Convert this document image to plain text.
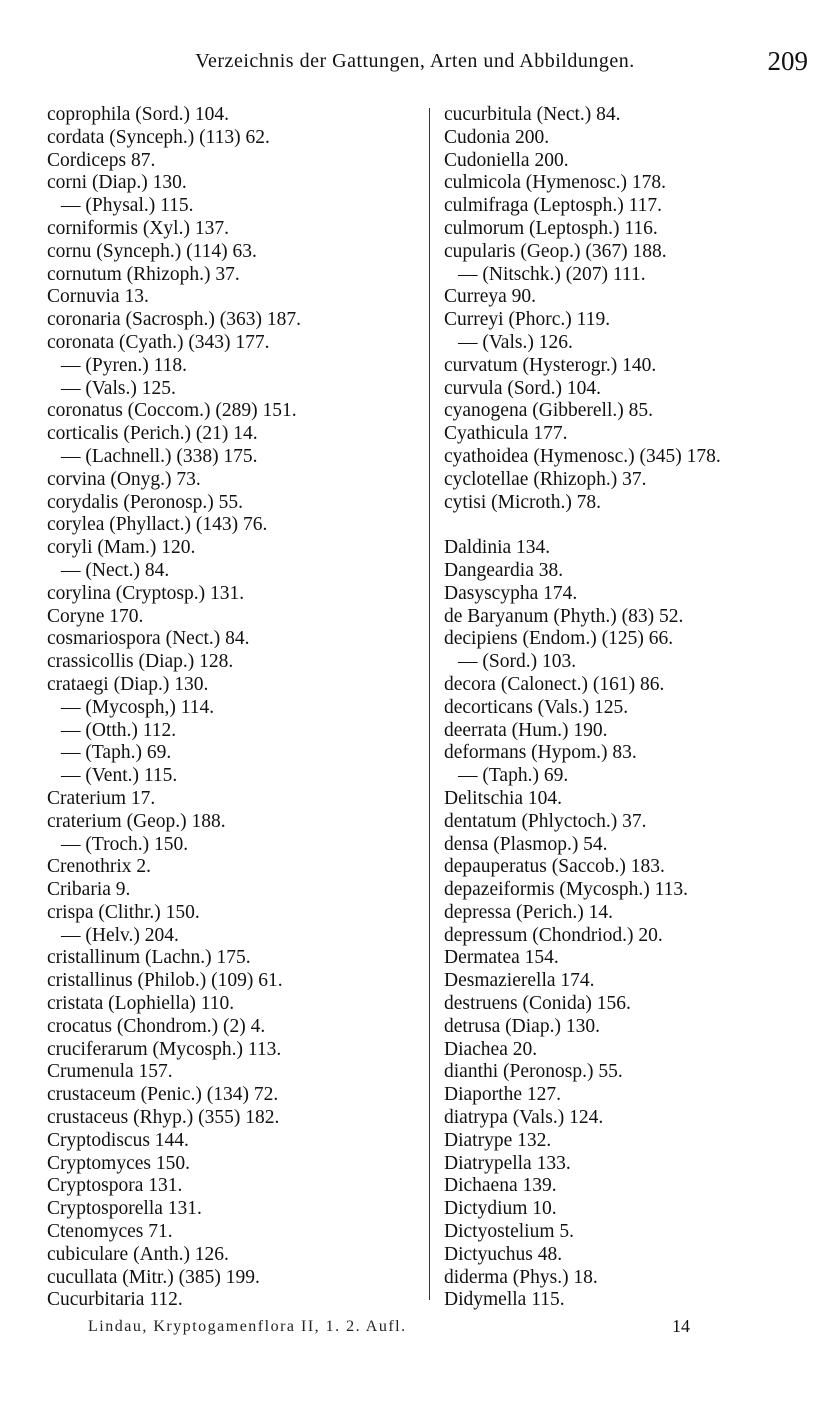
Verzeichnis der Gattungen, Arten und Abbildungen.	209
coprophila (Sord.) 104.
cordata (Synceph.) (113) 62.
Cordiceps 87.
corni (Diap.) 130.
— (Physal.) 115.
corniformis (Xyl.) 137.
cornu (Synceph.) (114) 63.
cornutum (Rhizoph.) 37.
Cornuvia 13.
coronaria (Sacrosph.) (363) 187.
coronata (Cyath.) (343) 177.
— (Pyren.) 118.
— (Vals.) 125.
coronatus (Coccom.) (289) 151.
corticalis (Perich.) (21) 14.
— (Lachnell.) (338) 175.
corvina (Onyg.) 73.
corydalis (Peronosp.) 55.
corylea (Phyllact.) (143) 76.
coryli (Mam.) 120.
— (Nect.) 84.
corylina (Cryptosp.) 131.
Coryne 170.
cosmariospora (Nect.) 84.
crassicollis (Diap.) 128.
crataegi (Diap.) 130.
— (Mycosph,) 114.
— (Otth.) 112.
— (Taph.) 69.
— (Vent.) 115.
Craterium 17.
craterium (Geop.) 188.
— (Troch.) 150.
Crenothrix 2.
Cribaria 9.
crispa (Clithr.) 150.
— (Helv.) 204.
cristallinum (Lachn.) 175.
cristallinus (Philob.) (109) 61.
cristata (Lophiella) 110.
crocatus (Chondrom.) (2) 4.
cruciferarum (Mycosph.) 113.
Crumenula 157.
crustaceum (Penic.) (134) 72.
crustaceus (Rhyp.) (355) 182.
Cryptodiscus 144.
Cryptomyces 150.
Cryptospora 131.
Cryptosporella 131.
Ctenomyces 71.
cubiculare (Anth.) 126.
cucullata (Mitr.) (385) 199.
Cucurbitaria 112.
cucurbitula (Nect.) 84.
Cudonia 200.
Cudoniella 200.
culmicola (Hymenosc.) 178.
culmifraga (Leptosph.) 117.
culmorum (Leptosph.) 116.
cupularis (Geop.) (367) 188.
— (Nitschk.) (207) 111.
Curreya 90.
Curreyi (Phorc.) 119.
— (Vals.) 126.
curvatum (Hysterogr.) 140.
curvula (Sord.) 104.
cyanogena (Gibberell.) 85.
Cyathicula 177.
cyathoidea (Hymenosc.) (345) 178.
cyclotellae (Rhizoph.) 37.
cytisi (Microth.) 78.
Daldinia 134.
Dangeardia 38.
Dasyscypha 174.
de Baryanum (Phyth.) (83) 52.
decipiens (Endom.) (125) 66.
— (Sord.) 103.
decora (Calonect.) (161) 86.
decorticans (Vals.) 125.
deerrata (Hum.) 190.
deformans (Hypom.) 83.
— (Taph.) 69.
Delitschia 104.
dentatum (Phlyctoch.) 37.
densa (Plasmop.) 54.
depauperatus (Saccob.) 183.
depazeiformis (Mycosph.) 113.
depressa (Perich.) 14.
depressum (Chondriod.) 20.
Dermatea 154.
Desmazierella 174.
destruens (Conida) 156.
detrusa (Diap.) 130.
Diachea 20.
dianthi (Peronosp.) 55.
Diaporthe 127.
diatrypa (Vals.) 124.
Diatrype 132.
Diatrypella 133.
Dichaena 139.
Dictydium 10.
Dictyostelium 5.
Dictyuchus 48.
diderma (Phys.) 18.
Didymella 115.
Lindau, Kryptogamenflora II, 1. 2. Aufl.	14
